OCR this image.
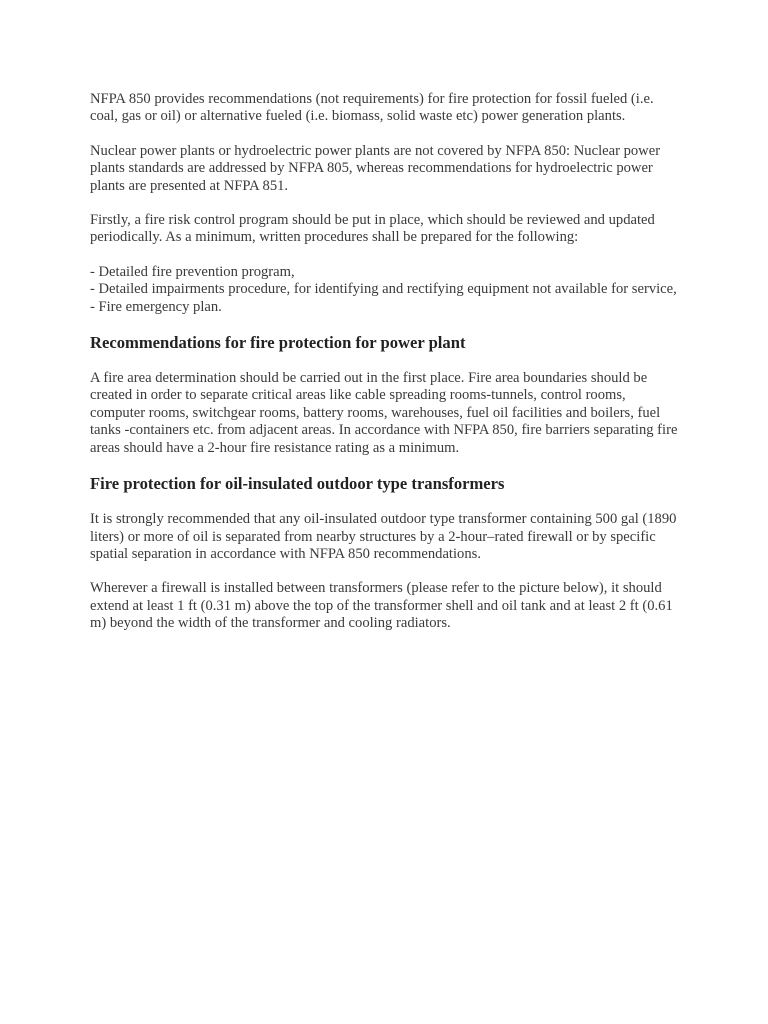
NFPA 850 provides recommendations (not requirements) for fire protection for fossil fueled (i.e. coal, gas or oil) or alternative fueled (i.e. biomass, solid waste etc) power generation plants.

Nuclear power plants or hydroelectric power plants are not covered by NFPA 850: Nuclear power plants standards are addressed by NFPA 805, whereas recommendations for hydroelectric power plants are presented at NFPA 851.

Firstly, a fire risk control program should be put in place, which should be reviewed and updated periodically. As a minimum, written procedures shall be prepared for the following:

- Detailed fire prevention program,
- Detailed impairments procedure, for identifying and rectifying equipment not available for service,
- Fire emergency plan.
Recommendations for fire protection for power plant

A fire area determination should be carried out in the first place. Fire area boundaries should be created in order to separate critical areas like cable spreading rooms-tunnels, control rooms, computer rooms, switchgear rooms, battery rooms, warehouses, fuel oil facilities and boilers, fuel tanks -containers etc. from adjacent areas. In accordance with NFPA 850, fire barriers separating fire areas should have a 2-hour fire resistance rating as a minimum.

Fire protection for oil-insulated outdoor type transformers

It is strongly recommended that any oil-insulated outdoor type transformer containing 500 gal (1890 liters) or more of oil is separated from nearby structures by a 2-hour–rated firewall or by specific spatial separation in accordance with NFPA 850 recommendations.

Wherever a firewall is installed between transformers (please refer to the picture below), it should extend at least 1 ft (0.31 m) above the top of the transformer shell and oil tank and at least 2 ft (0.61 m) beyond the width of the transformer and cooling radiators.
